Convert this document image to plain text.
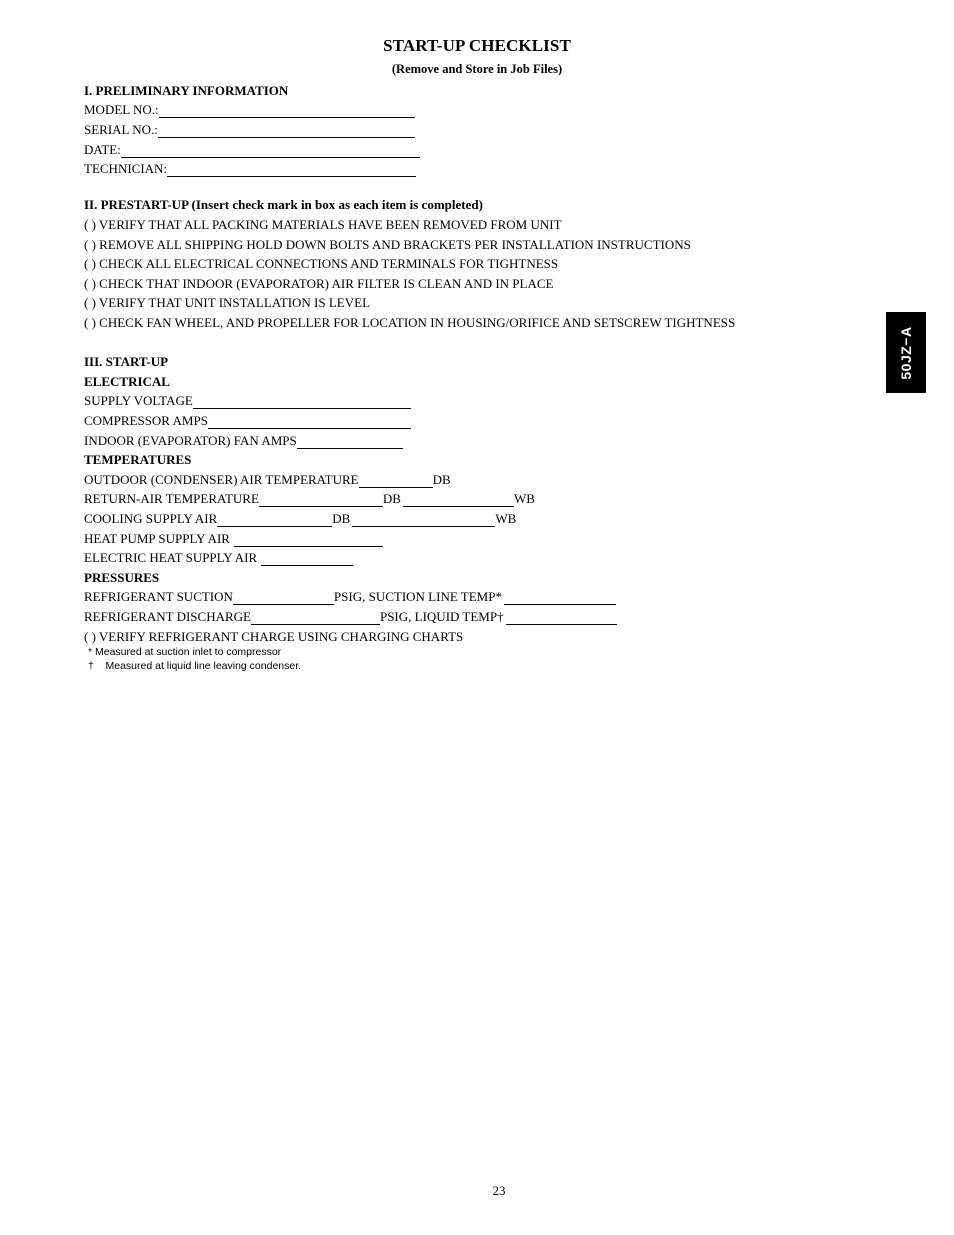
START-UP CHECKLIST
(Remove and Store in Job Files)
I. PRELIMINARY INFORMATION
MODEL NO.:
SERIAL NO.:
DATE:
TECHNICIAN:
II. PRESTART-UP (Insert check mark in box as each item is completed)
( ) VERIFY THAT ALL PACKING MATERIALS HAVE BEEN REMOVED FROM UNIT
( ) REMOVE ALL SHIPPING HOLD DOWN BOLTS AND BRACKETS PER INSTALLATION INSTRUCTIONS
( ) CHECK ALL ELECTRICAL CONNECTIONS AND TERMINALS FOR TIGHTNESS
( ) CHECK THAT INDOOR (EVAPORATOR) AIR FILTER IS CLEAN AND IN PLACE
( ) VERIFY THAT UNIT INSTALLATION IS LEVEL
( ) CHECK FAN WHEEL, AND PROPELLER FOR LOCATION IN HOUSING/ORIFICE AND SETSCREW TIGHTNESS
III. START-UP
ELECTRICAL
SUPPLY VOLTAGE
COMPRESSOR AMPS
INDOOR (EVAPORATOR) FAN AMPS
TEMPERATURES
OUTDOOR (CONDENSER) AIR TEMPERATURE	DB
RETURN-AIR TEMPERATURE	DB	WB
COOLING SUPPLY AIR	DB	WB
HEAT PUMP SUPPLY AIR
ELECTRIC HEAT SUPPLY AIR
PRESSURES
REFRIGERANT SUCTION	PSIG, SUCTION LINE TEMP*
REFRIGERANT DISCHARGE	PSIG, LIQUID TEMP†
( ) VERIFY REFRIGERANT CHARGE USING CHARGING CHARTS
* Measured at suction inlet to compressor
†    Measured at liquid line leaving condenser.
50JZ−A
23
